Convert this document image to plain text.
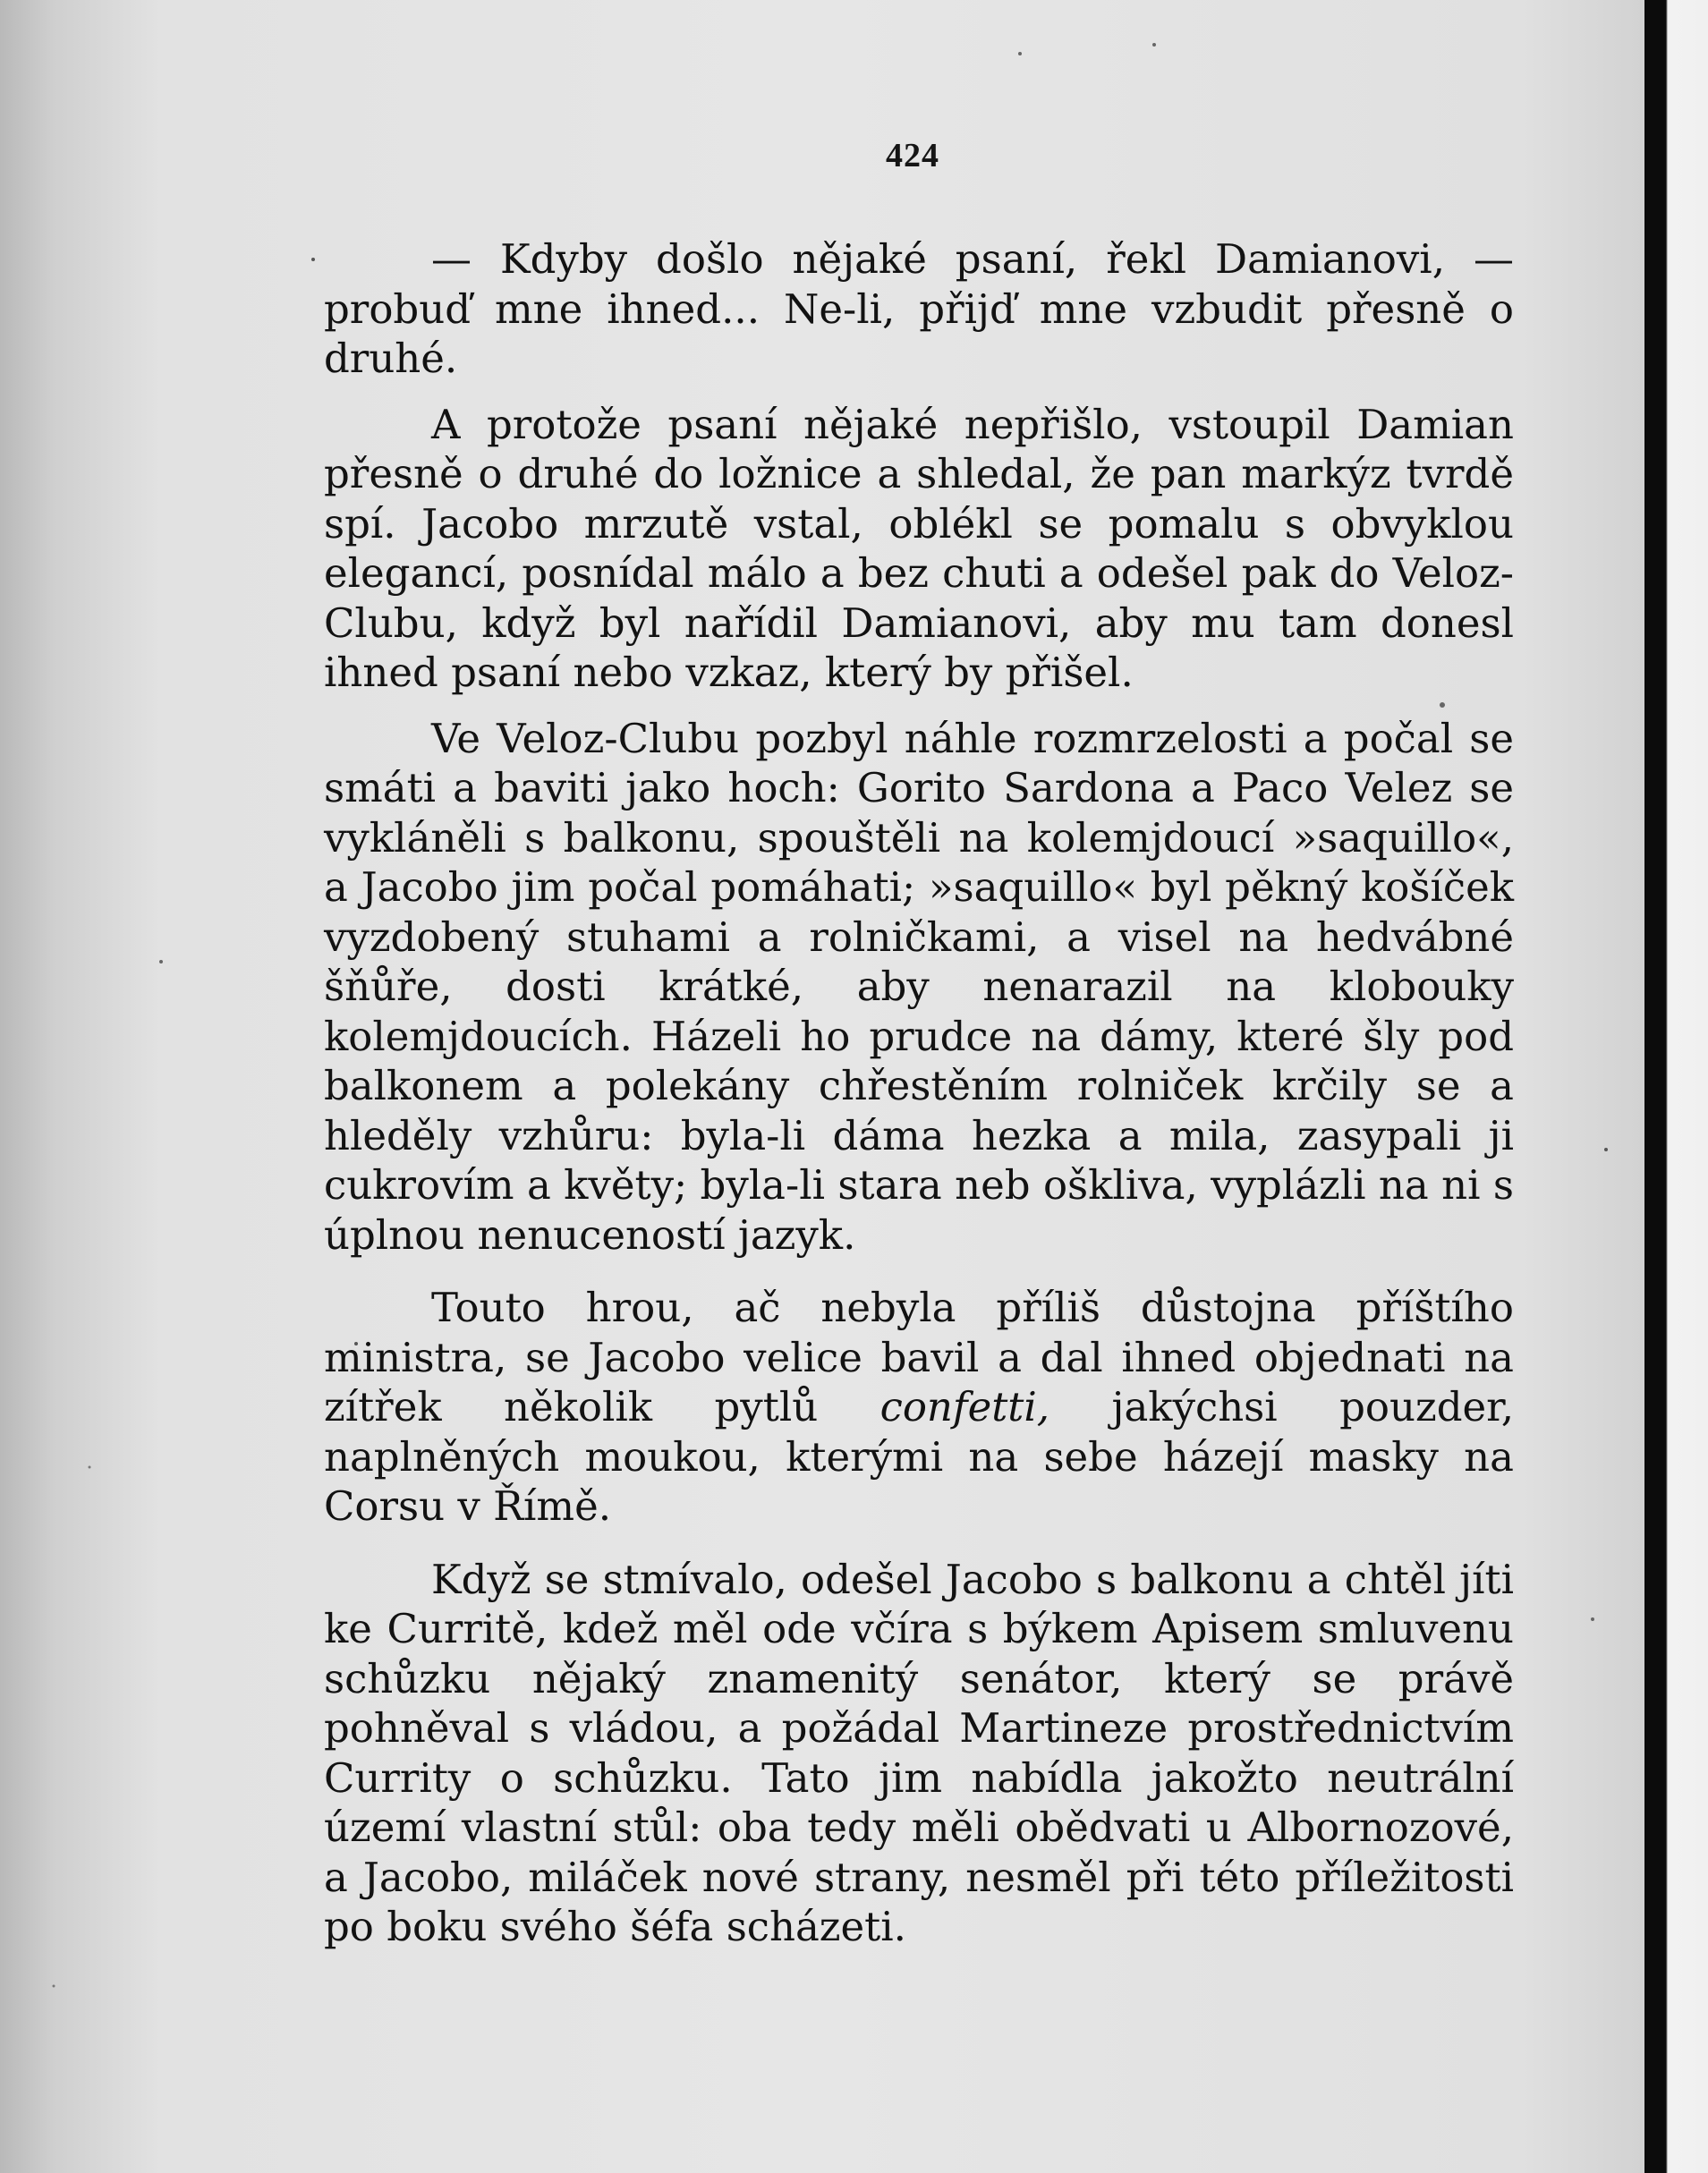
424

— Kdyby došlo nějaké psaní, řekl Damianovi, — probuď mne ihned... Ne-li, přijď mne vzbudit přesně o druhé.

A protože psaní nějaké nepřišlo, vstoupil Damian přesně o druhé do ložnice a shledal, že pan markýz tvrdě spí. Jacobo mrzutě vstal, oblékl se pomalu s obvyklou elegancí, posnídal málo a bez chuti a odešel pak do Veloz-Clubu, když byl nařídil Damianovi, aby mu tam donesl ihned psaní nebo vzkaz, který by přišel.

Ve Veloz-Clubu pozbyl náhle rozmrzelosti a počal se smáti a baviti jako hoch: Gorito Sardona a Paco Velez se vykláněli s balkonu, spouštěli na kolemjdoucí »saquillo«, a Jacobo jim počal pomáhati; »saquillo« byl pěkný košíček vyzdobený stuhami a rolničkami, a visel na hedvábné šňůře, dosti krátké, aby nenarazil na klobouky kolemjdoucích. Házeli ho prudce na dámy, které šly pod balkonem a polekány chřestěním rolniček krčily se a hleděly vzhůru: byla-li dáma hezka a mila, zasypali ji cukrovím a květy; byla-li stara neb oškliva, vyplázli na ni s úplnou nenuceností jazyk.

Touto hrou, ač nebyla příliš důstojna příštího ministra, se Jacobo velice bavil a dal ihned objednati na zítřek několik pytlů confetti, jakýchsi pouzder, naplněných moukou, kterými na sebe házejí masky na Corsu v Římě.

Když se stmívalo, odešel Jacobo s balkonu a chtěl jíti ke Curritě, kdež měl ode včíra s býkem Apisem smluvenu schůzku nějaký znamenitý senátor, který se právě pohněval s vládou, a požádal Martineze prostřednictvím Currity o schůzku. Tato jim nabídla jakožto neutrální území vlastní stůl: oba tedy měli obědvati u Albornozové, a Jacobo, miláček nové strany, nesměl při této příležitosti po boku svého šéfa scházeti.
